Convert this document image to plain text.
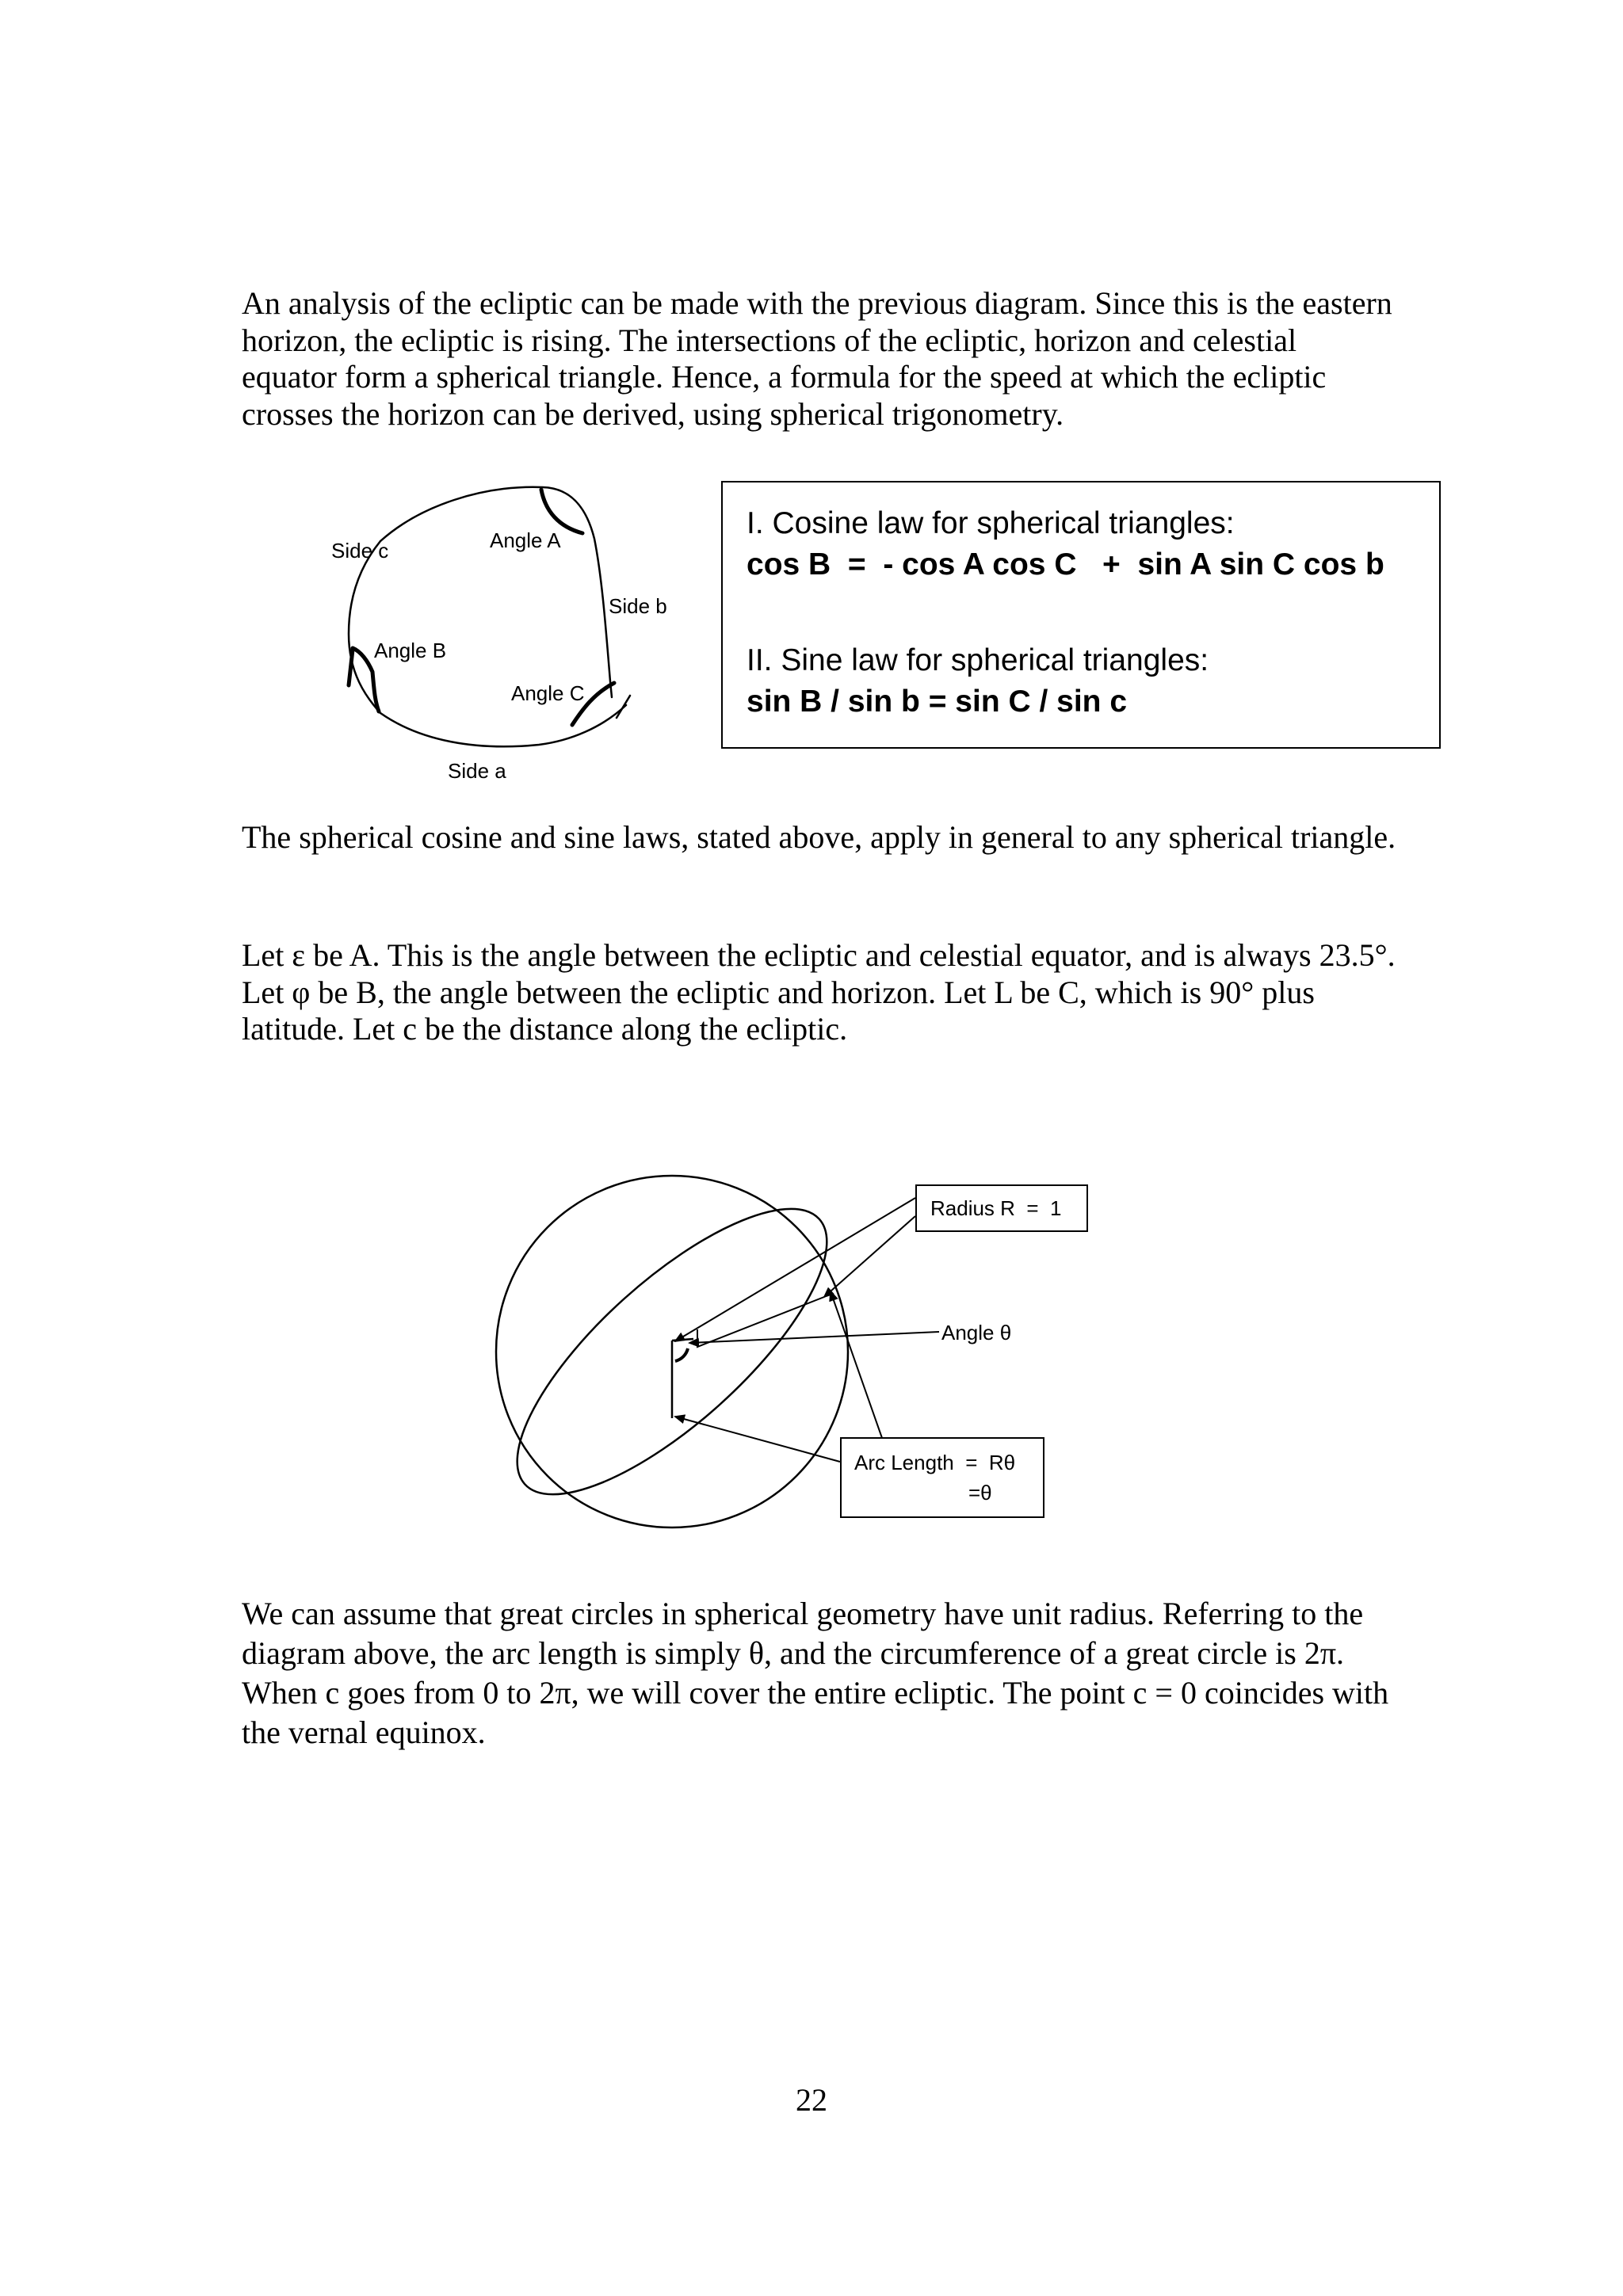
An analysis of the ecliptic can be made with the previous diagram. Since this is the eastern horizon, the ecliptic is rising. The intersections of the ecliptic, horizon and celestial equator form a spherical triangle. Hence, a formula for the speed at which the ecliptic crosses the horizon can be derived, using spherical trigonometry.

Side c	Angle A
Side b
Angle B
Angle C
Side a
I. Cosine law for spherical triangles:
cos B  =  - cos A cos C   +  sin A sin C cos b
II. Sine law for spherical triangles:
sin B / sin b = sin C / sin c

The spherical cosine and sine laws, stated above, apply in general to any spherical triangle.

Let ε be A. This is the angle between the ecliptic and celestial equator, and is always 23.5°. Let φ be B, the angle between the ecliptic and horizon. Let L be C, which is 90° plus latitude. Let c be the distance along the ecliptic.

Radius R  =  1
Angle θ
Arc Length  =  Rθ
=θ

We can assume that great circles in spherical geometry have unit radius. Referring to the diagram above, the arc length is simply θ, and the circumference of a great circle is 2π. When c goes from 0 to 2π, we will cover the entire ecliptic. The point c = 0 coincides with the vernal equinox.

22
